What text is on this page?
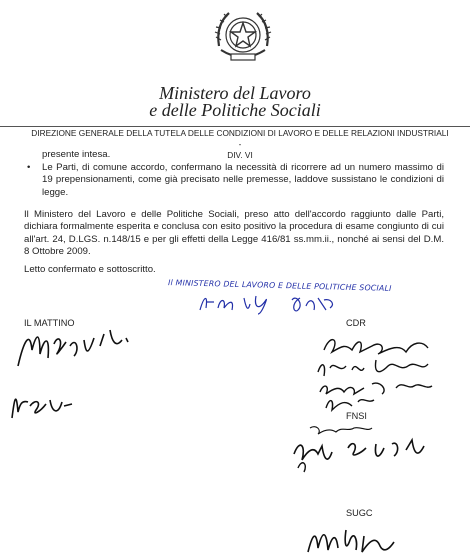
Ministero del Lavoro
e delle Politiche Sociali
DIREZIONE GENERALE DELLA TUTELA DELLE CONDIZIONI DI LAVORO E DELLE RELAZIONI INDUSTRIALI -
DIV. VI
presente intesa.
• Le Parti, di comune accordo, confermano la necessità di ricorrere ad un numero massimo di 19 prepensionamenti, come già precisato nelle premesse, laddove sussistano le condizioni di legge.
Il Ministero del Lavoro e delle Politiche Sociali, preso atto dell'accordo raggiunto dalle Parti, dichiara formalmente esperita e conclusa con esito positivo la procedura di esame congiunto di cui all'art. 24, D.LGS. n.148/15 e per gli effetti della Legge 416/81 ss.mm.ii., nonché ai sensi del D.M. 8 Ottobre 2009.
Letto confermato e sottoscritto.
Il MINISTERO DEL LAVORO E DELLE POLITICHE SOCIALI
IL MATTINO	CDR
FNSI
SUGC
